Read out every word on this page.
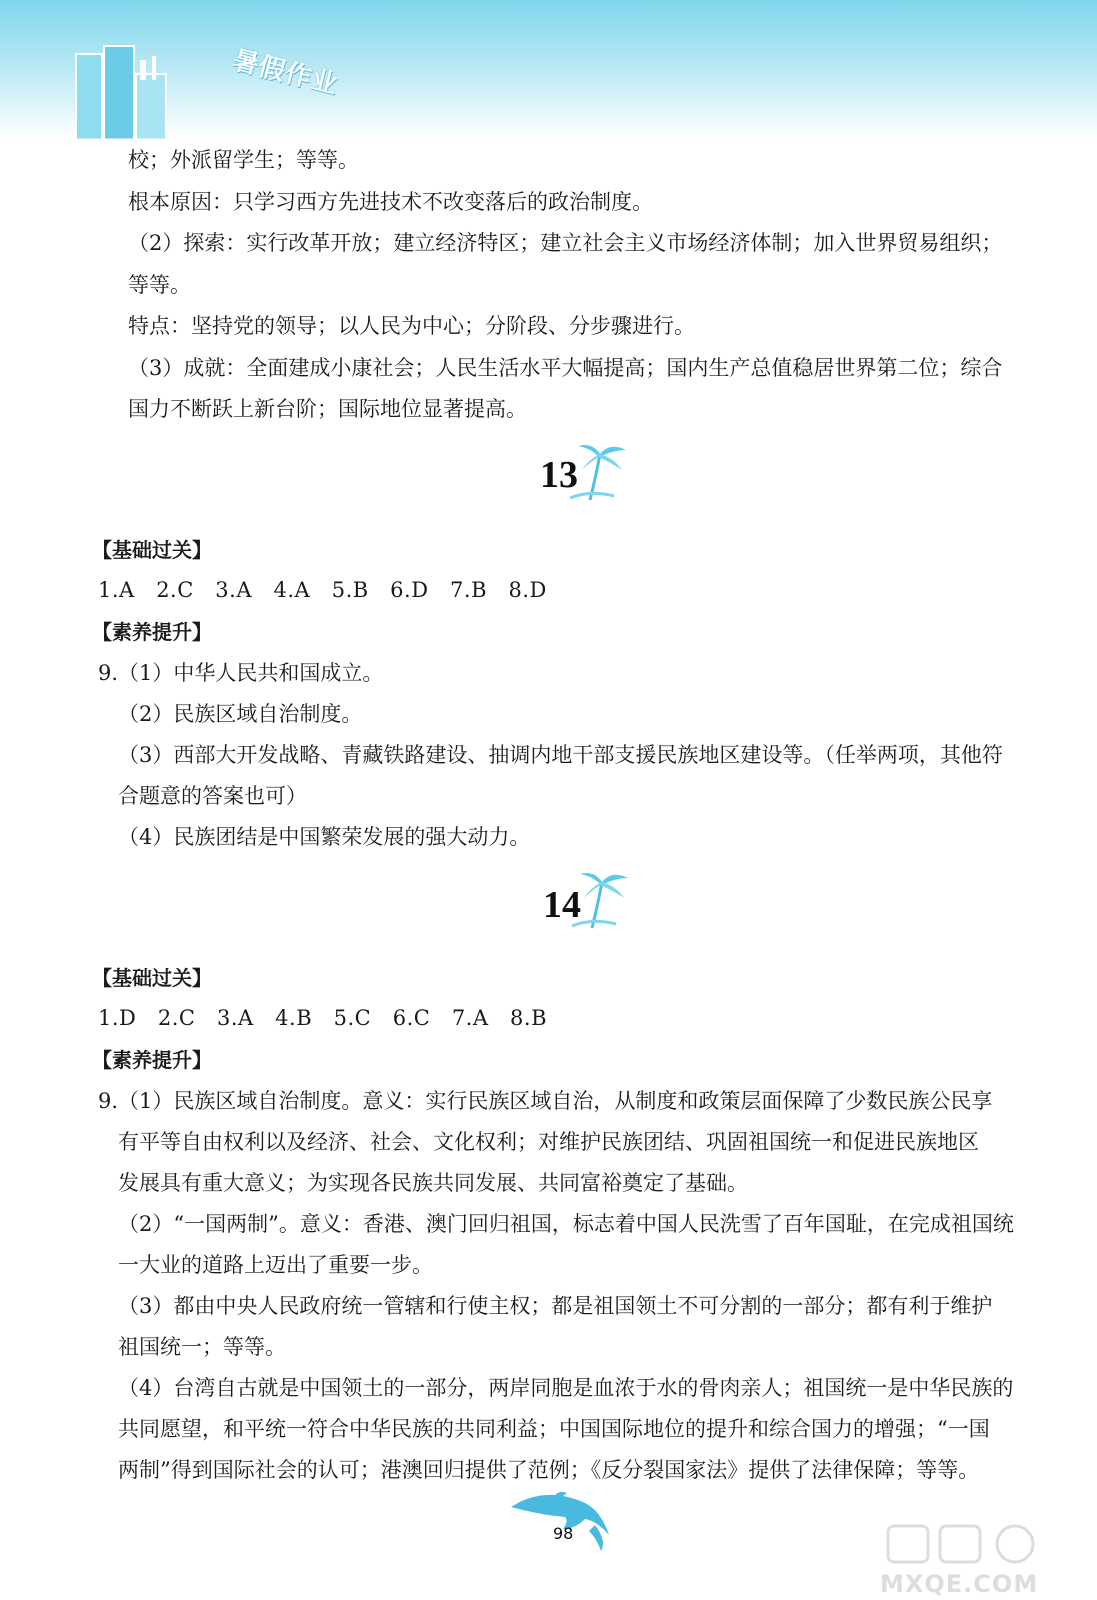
暑假作业
校；外派留学生；等等。
根本原因：只学习西方先进技术不改变落后的政治制度。
（2）探索：实行改革开放；建立经济特区；建立社会主义市场经济体制；加入世界贸易组织；
等等。
特点：坚持党的领导；以人民为中心；分阶段、分步骤进行。
（3）成就：全面建成小康社会；人民生活水平大幅提高；国内生产总值稳居世界第二位；综合
国力不断跃上新台阶；国际地位显著提高。
13
【基础过关】
1.A　2.C　3.A　4.A　5.B　6.D　7.B　8.D
【素养提升】
9.（1）中华人民共和国成立。
（2）民族区域自治制度。
（3）西部大开发战略、青藏铁路建设、抽调内地干部支援民族地区建设等。（任举两项，其他符
合题意的答案也可）
（4）民族团结是中国繁荣发展的强大动力。
14
【基础过关】
1.D　2.C　3.A　4.B　5.C　6.C　7.A　8.B
【素养提升】
9.（1）民族区域自治制度。意义：实行民族区域自治，从制度和政策层面保障了少数民族公民享
有平等自由权利以及经济、社会、文化权利；对维护民族团结、巩固祖国统一和促进民族地区
发展具有重大意义；为实现各民族共同发展、共同富裕奠定了基础。
（2）“一国两制”。意义：香港、澳门回归祖国，标志着中国人民洗雪了百年国耻，在完成祖国统
一大业的道路上迈出了重要一步。
（3）都由中央人民政府统一管辖和行使主权；都是祖国领土不可分割的一部分；都有利于维护
祖国统一；等等。
（4）台湾自古就是中国领土的一部分，两岸同胞是血浓于水的骨肉亲人；祖国统一是中华民族的
共同愿望，和平统一符合中华民族的共同利益；中国国际地位的提升和综合国力的增强；“一国
两制”得到国际社会的认可；港澳回归提供了范例；《反分裂国家法》提供了法律保障；等等。
98
MXQE.COM
